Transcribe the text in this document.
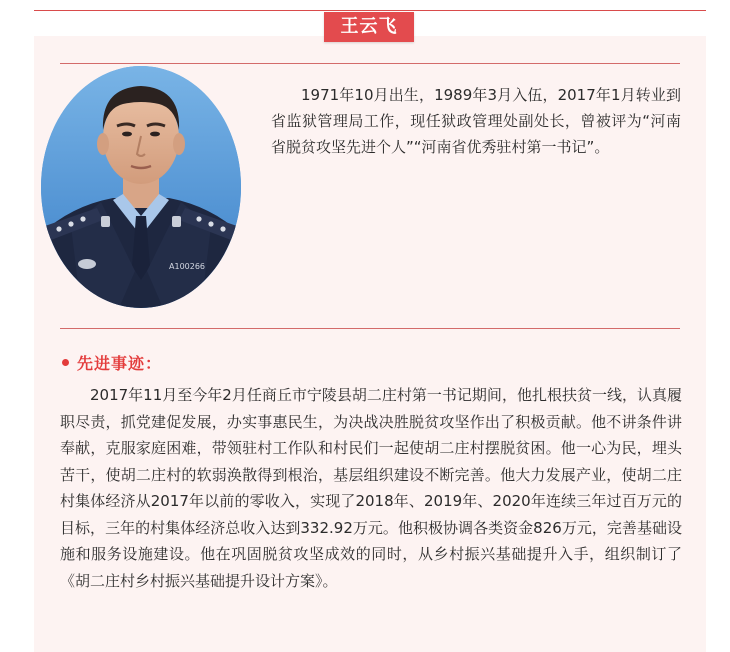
王云飞
A100266

1971年10月出生，1989年3月入伍，2017年1月转业到省监狱管理局工作，现任狱政管理处副处长，曾被评为“河南省脱贫攻坚先进个人”“河南省优秀驻村第一书记”。

先进事迹：

2017年11月至今年2月任商丘市宁陵县胡二庄村第一书记期间，他扎根扶贫一线，认真履职尽责，抓党建促发展，办实事惠民生，为决战决胜脱贫攻坚作出了积极贡献。他不讲条件讲奉献，克服家庭困难，带领驻村工作队和村民们一起使胡二庄村摆脱贫困。他一心为民，埋头苦干，使胡二庄村的软弱涣散得到根治，基层组织建设不断完善。他大力发展产业，使胡二庄村集体经济从2017年以前的零收入，实现了2018年、2019年、2020年连续三年过百万元的目标，三年的村集体经济总收入达到332.92万元。他积极协调各类资金826万元，完善基础设施和服务设施建设。他在巩固脱贫攻坚成效的同时，从乡村振兴基础提升入手，组织制订了《胡二庄村乡村振兴基础提升设计方案》。
